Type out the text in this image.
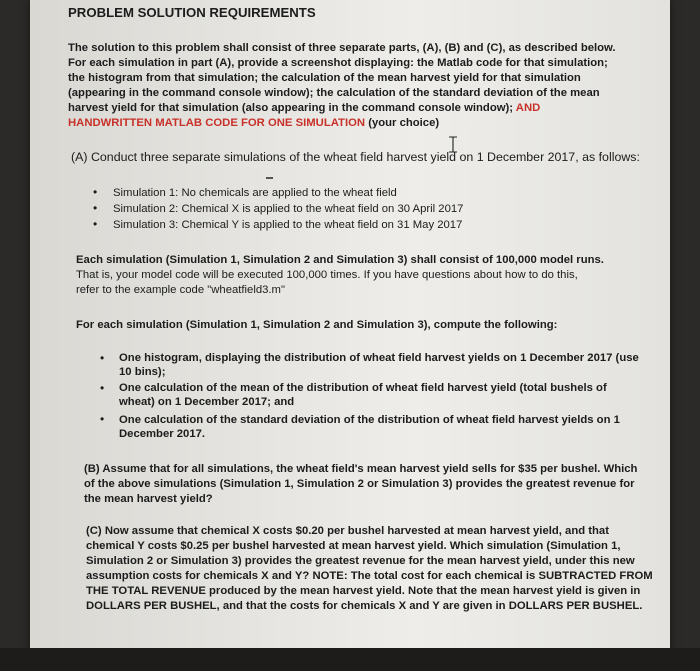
PROBLEM SOLUTION REQUIREMENTS
The solution to this problem shall consist of three separate parts, (A), (B) and (C), as described below.
For each simulation in part (A), provide a screenshot displaying: the Matlab code for that simulation;
the histogram from that simulation; the calculation of the mean harvest yield for that simulation
(appearing in the command console window); the calculation of the standard deviation of the mean
harvest yield for that simulation (also appearing in the command console window); AND
HANDWRITTEN MATLAB CODE FOR ONE SIMULATION (your choice)
(A) Conduct three separate simulations of the wheat field harvest yield on 1 December 2017, as follows:
• Simulation 1: No chemicals are applied to the wheat field
• Simulation 2: Chemical X is applied to the wheat field on 30 April 2017
• Simulation 3: Chemical Y is applied to the wheat field on 31 May 2017
Each simulation (Simulation 1, Simulation 2 and Simulation 3) shall consist of 100,000 model runs.
That is, your model code will be executed 100,000 times. If you have questions about how to do this,
refer to the example code "wheatfield3.m"
For each simulation (Simulation 1, Simulation 2 and Simulation 3), compute the following:
• One histogram, displaying the distribution of wheat field harvest yields on 1 December 2017 (use
10 bins);
• One calculation of the mean of the distribution of wheat field harvest yield (total bushels of
wheat) on 1 December 2017; and
• One calculation of the standard deviation of the distribution of wheat field harvest yields on 1
December 2017.
(B) Assume that for all simulations, the wheat field's mean harvest yield sells for $35 per bushel. Which
of the above simulations (Simulation 1, Simulation 2 or Simulation 3) provides the greatest revenue for
the mean harvest yield?
(C) Now assume that chemical X costs $0.20 per bushel harvested at mean harvest yield, and that
chemical Y costs $0.25 per bushel harvested at mean harvest yield. Which simulation (Simulation 1,
Simulation 2 or Simulation 3) provides the greatest revenue for the mean harvest yield, under this new
assumption costs for chemicals X and Y? NOTE: The total cost for each chemical is SUBTRACTED FROM
THE TOTAL REVENUE produced by the mean harvest yield. Note that the mean harvest yield is given in
DOLLARS PER BUSHEL, and that the costs for chemicals X and Y are given in DOLLARS PER BUSHEL.
